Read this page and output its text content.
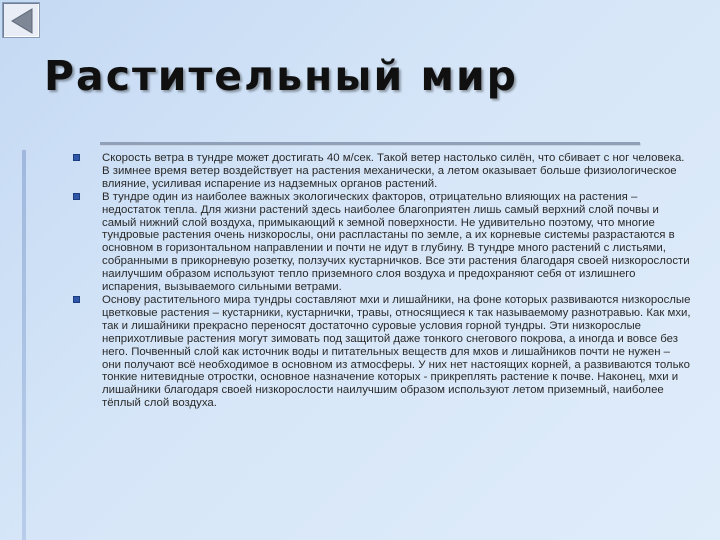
Растительный мир
Скорость ветра в тундре может достигать 40 м/сек. Такой ветер настолько силён, что сбивает с ног человека. В зимнее время ветер воздействует на растения механически, а летом оказывает больше физиологическое влияние, усиливая испарение из надземных органов растений.
В тундре один из наиболее важных экологических факторов, отрицательно влияющих на растения – недостаток тепла. Для жизни растений здесь наиболее благоприятен лишь самый верхний слой почвы и самый нижний слой воздуха, примыкающий к земной поверхности. Не удивительно поэтому, что многие тундровые растения очень низкорослы, они распластаны по земле, а их корневые системы разрастаются в основном в горизонтальном направлении и почти не идут в глубину. В тундре много растений с листьями, собранными в прикорневую розетку, ползучих кустарничков. Все эти растения благодаря своей низкорослости наилучшим образом используют тепло приземного слоя воздуха и предохраняют себя от излишнего испарения, вызываемого сильными ветрами.
Основу растительного мира тундры составляют мхи и лишайники, на фоне которых развиваются низкорослые цветковые растения – кустарники, кустарнички, травы, относящиеся к так называемому разнотравью. Как мхи, так и лишайники прекрасно переносят достаточно суровые условия горной тундры. Эти низкорослые неприхотливые растения могут зимовать под защитой даже тонкого снегового покрова, а иногда и вовсе без него. Почвенный слой как источник воды и питательных веществ для мхов и лишайников почти не нужен – они получают всё необходимое в основном из атмосферы. У них нет настоящих корней, а развиваются только тонкие нитевидные отростки, основное назначение которых - прикреплять растение к почве. Наконец, мхи и лишайники благодаря своей низкорослости наилучшим образом используют летом приземный, наиболее тёплый слой воздуха.
